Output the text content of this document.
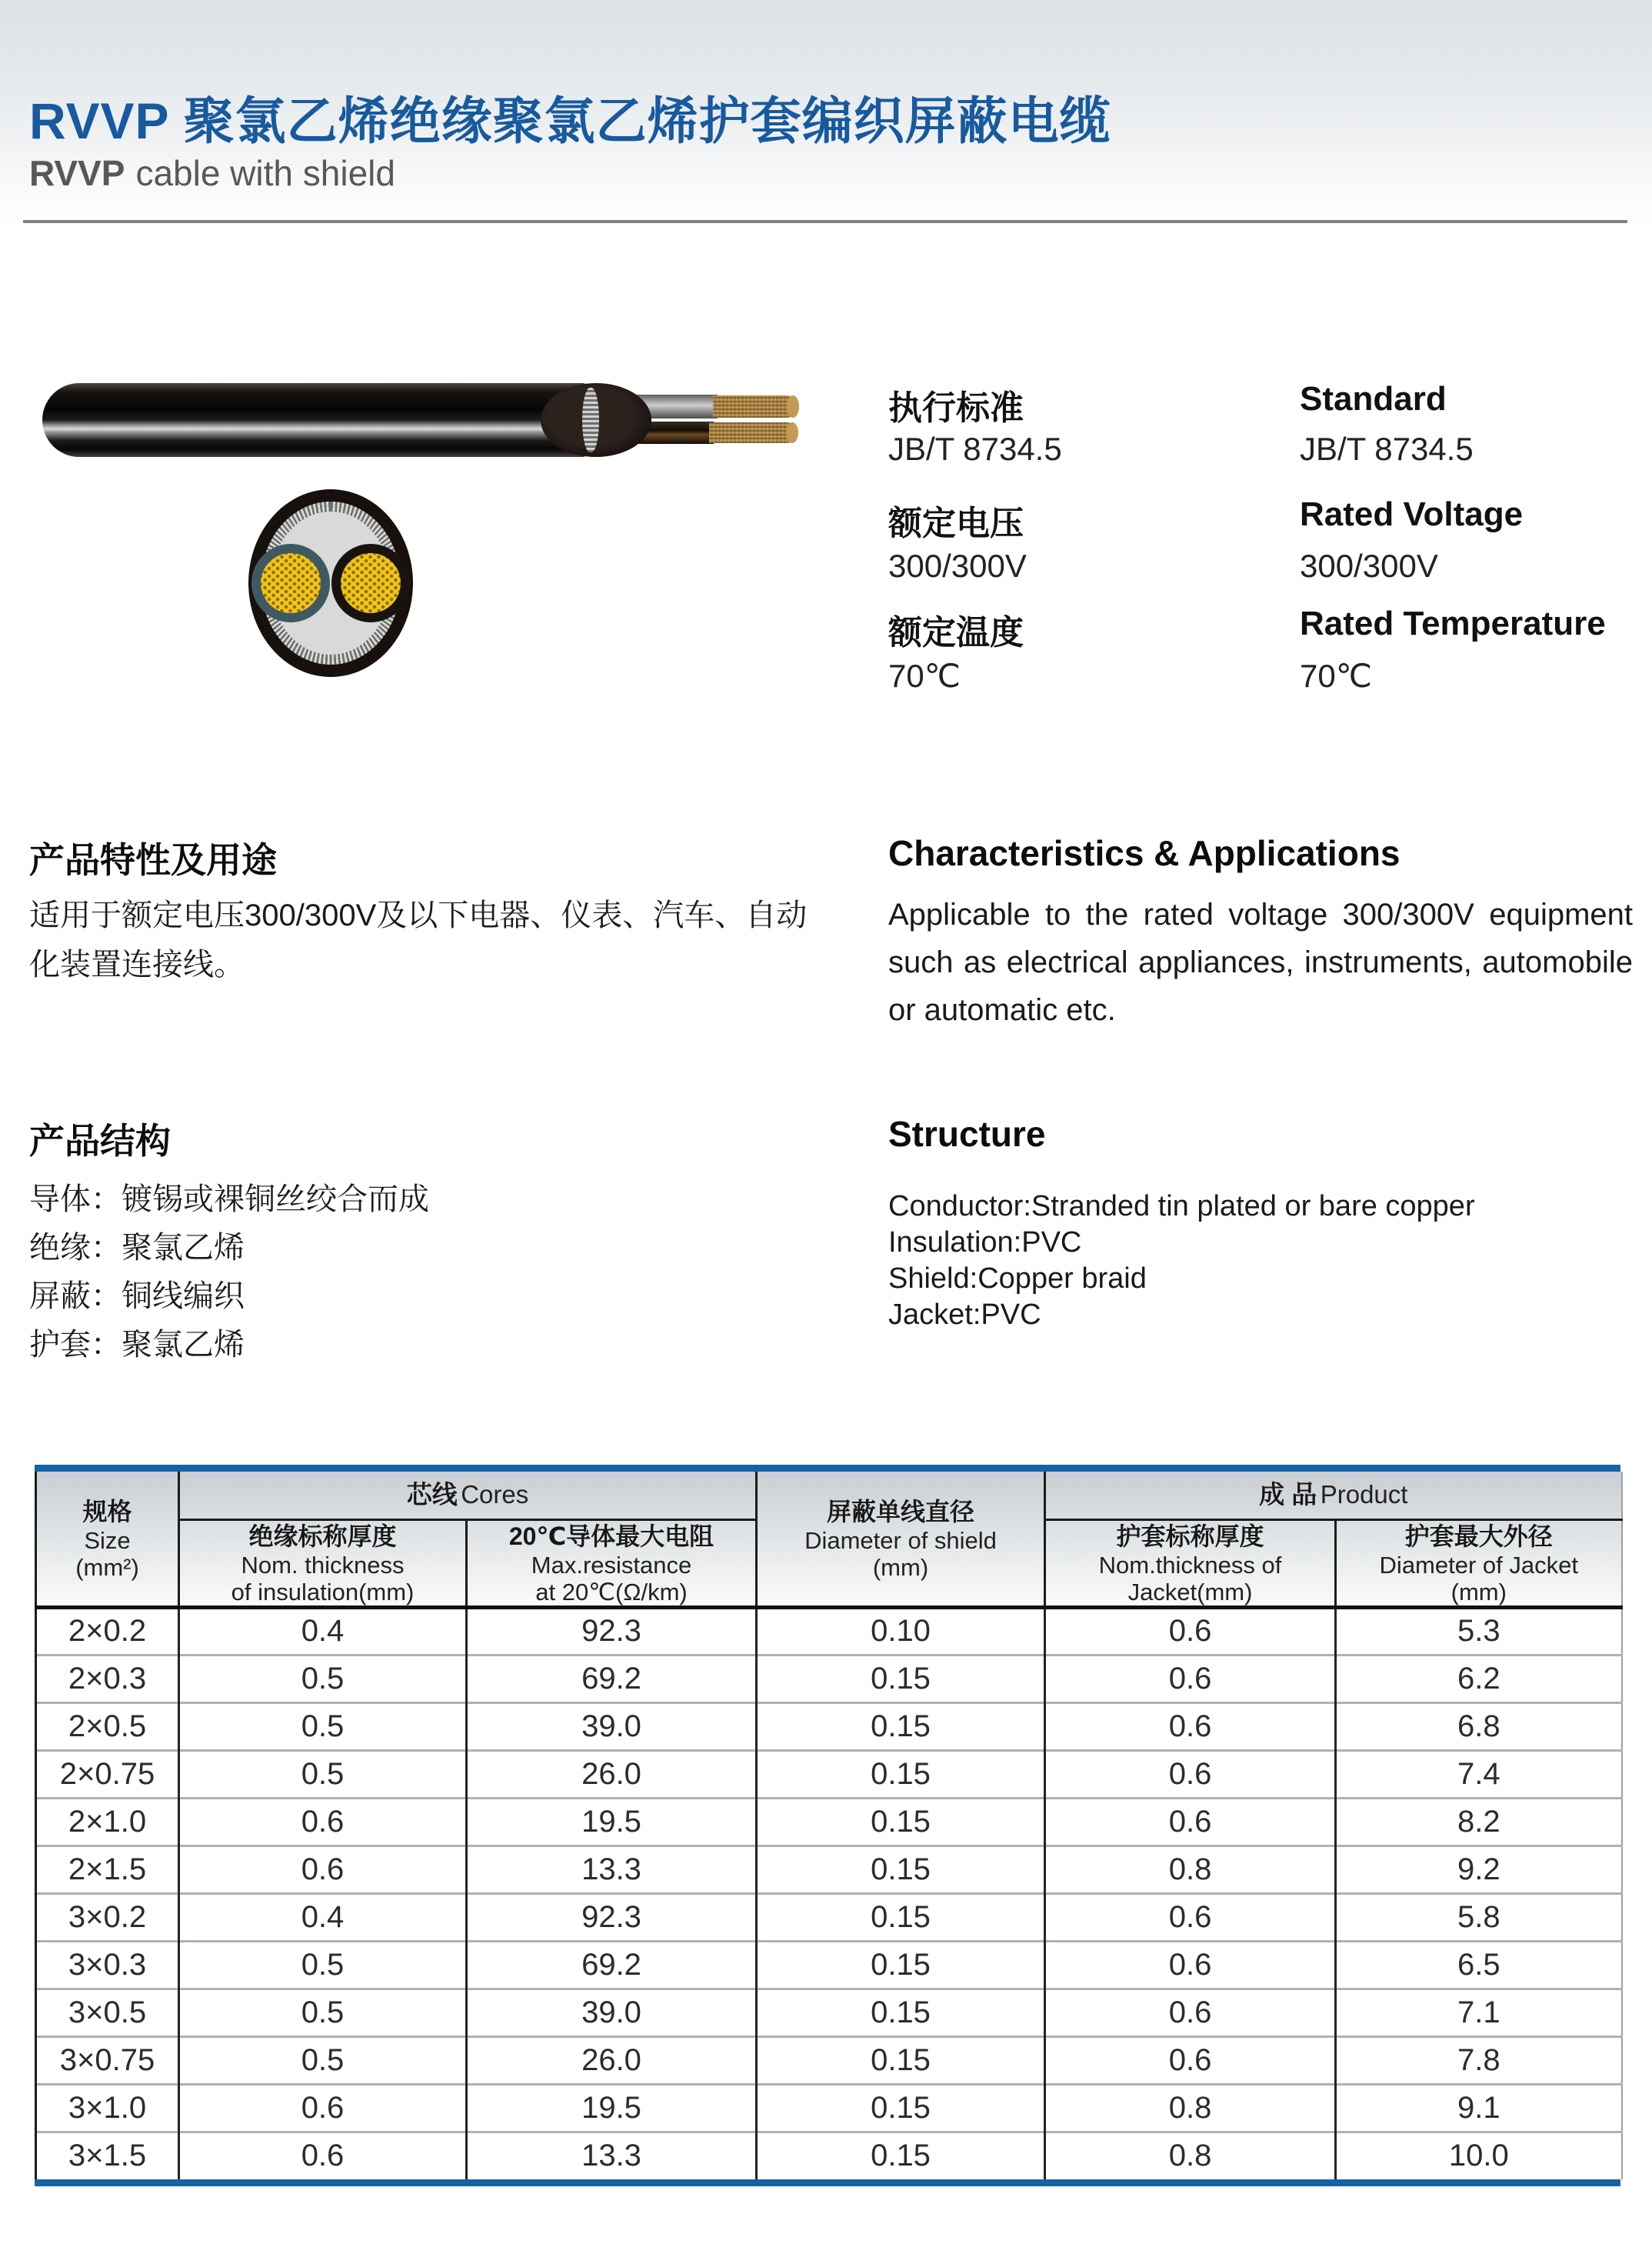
RVVP 聚氯乙烯绝缘聚氯乙烯护套编织屏蔽电缆
RVVP cable with shield
执行标准
JB/T 8734.5
Standard
JB/T 8734.5
额定电压
300/300V
Rated Voltage
300/300V
额定温度
70℃
Rated Temperature
70℃
产品特性及用途
适用于额定电压300/300V及以下电器、仪表、汽车、自动化装置连接线。
Characteristics & Applications
Applicable to the rated voltage 300/300V equipment such as electrical appliances, instruments, automobile or automatic etc.
产品结构
导体：镀锡或裸铜丝绞合而成
绝缘：聚氯乙烯
屏蔽：铜线编织
护套：聚氯乙烯
Structure
Conductor:Stranded tin plated or bare copper
Insulation:PVC
Shield:Copper braid
Jacket:PVC
规格
Size
(mm²)	芯线 Cores		屏蔽单线直径
Diameter of shield
(mm)	成 品 Product	

	绝缘标称厚度
Nom. thickness
of insulation(mm)	20℃导体最大电阻
Max.resistance
at 20℃(Ω/km)		护套标称厚度
Nom.thickness of
Jacket(mm)	护套最大外径
Diameter of Jacket
(mm)

2×0.2	0.4	92.3	0.10	0.6	5.3
2×0.3	0.5	69.2	0.15	0.6	6.2
2×0.5	0.5	39.0	0.15	0.6	6.8
2×0.75	0.5	26.0	0.15	0.6	7.4
2×1.0	0.6	19.5	0.15	0.6	8.2
2×1.5	0.6	13.3	0.15	0.8	9.2
3×0.2	0.4	92.3	0.15	0.6	5.8
3×0.3	0.5	69.2	0.15	0.6	6.5
3×0.5	0.5	39.0	0.15	0.6	7.1
3×0.75	0.5	26.0	0.15	0.6	7.8
3×1.0	0.6	19.5	0.15	0.8	9.1
3×1.5	0.6	13.3	0.15	0.8	10.0
